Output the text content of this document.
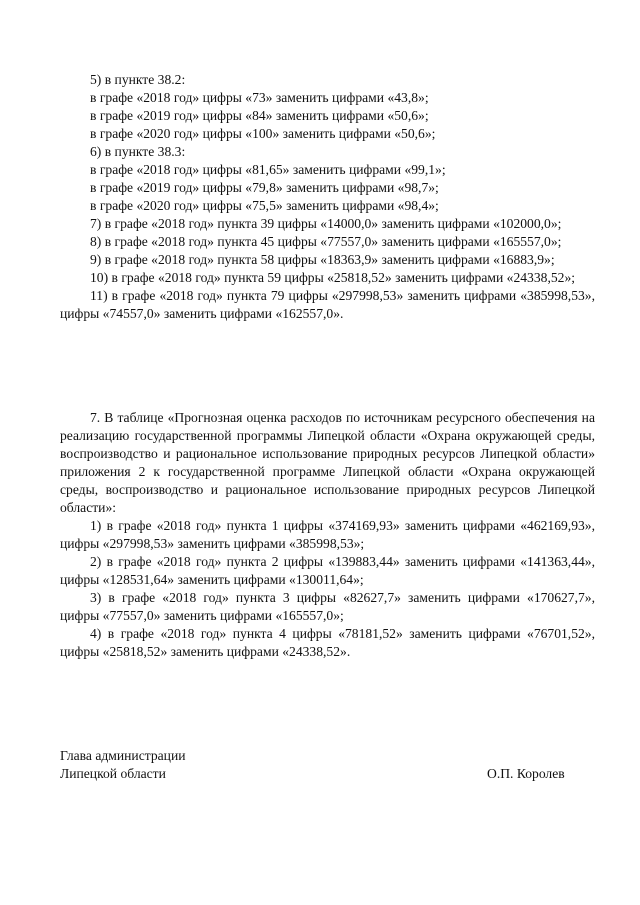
5) в пункте 38.2:
в графе «2018 год» цифры «73» заменить цифрами «43,8»;
в графе «2019 год» цифры «84» заменить цифрами «50,6»;
в графе «2020 год» цифры «100» заменить цифрами «50,6»;
6) в пункте 38.3:
в графе «2018 год» цифры «81,65» заменить цифрами «99,1»;
в графе «2019 год» цифры «79,8» заменить цифрами «98,7»;
в графе «2020 год» цифры «75,5» заменить цифрами «98,4»;
7) в графе «2018 год» пункта 39 цифры «14000,0» заменить цифрами «102000,0»;
8) в графе «2018 год» пункта 45 цифры «77557,0» заменить цифрами «165557,0»;
9) в графе «2018 год» пункта 58 цифры «18363,9» заменить цифрами «16883,9»;
10) в графе «2018 год» пункта 59 цифры «25818,52» заменить цифрами «24338,52»;
11) в графе «2018 год» пункта 79 цифры «297998,53» заменить цифрами «385998,53», цифры «74557,0» заменить цифрами «162557,0».
7. В таблице «Прогнозная оценка расходов по источникам ресурсного обеспечения на реализацию государственной программы Липецкой области «Охрана окружающей среды, воспроизводство и рациональное использование природных ресурсов Липецкой области» приложения 2 к государственной программе Липецкой области «Охрана окружающей среды, воспроизводство и рациональное использование природных ресурсов Липецкой области»:
1) в графе «2018 год» пункта 1 цифры «374169,93» заменить цифрами «462169,93», цифры «297998,53» заменить цифрами «385998,53»;
2) в графе «2018 год» пункта 2 цифры «139883,44» заменить цифрами «141363,44», цифры «128531,64» заменить цифрами «130011,64»;
3) в графе «2018 год» пункта 3 цифры «82627,7» заменить цифрами «170627,7», цифры «77557,0» заменить цифрами «165557,0»;
4) в графе «2018 год» пункта 4 цифры «78181,52» заменить цифрами «76701,52», цифры «25818,52» заменить цифрами «24338,52».
Глава администрации
Липецкой области	О.П. Королев
